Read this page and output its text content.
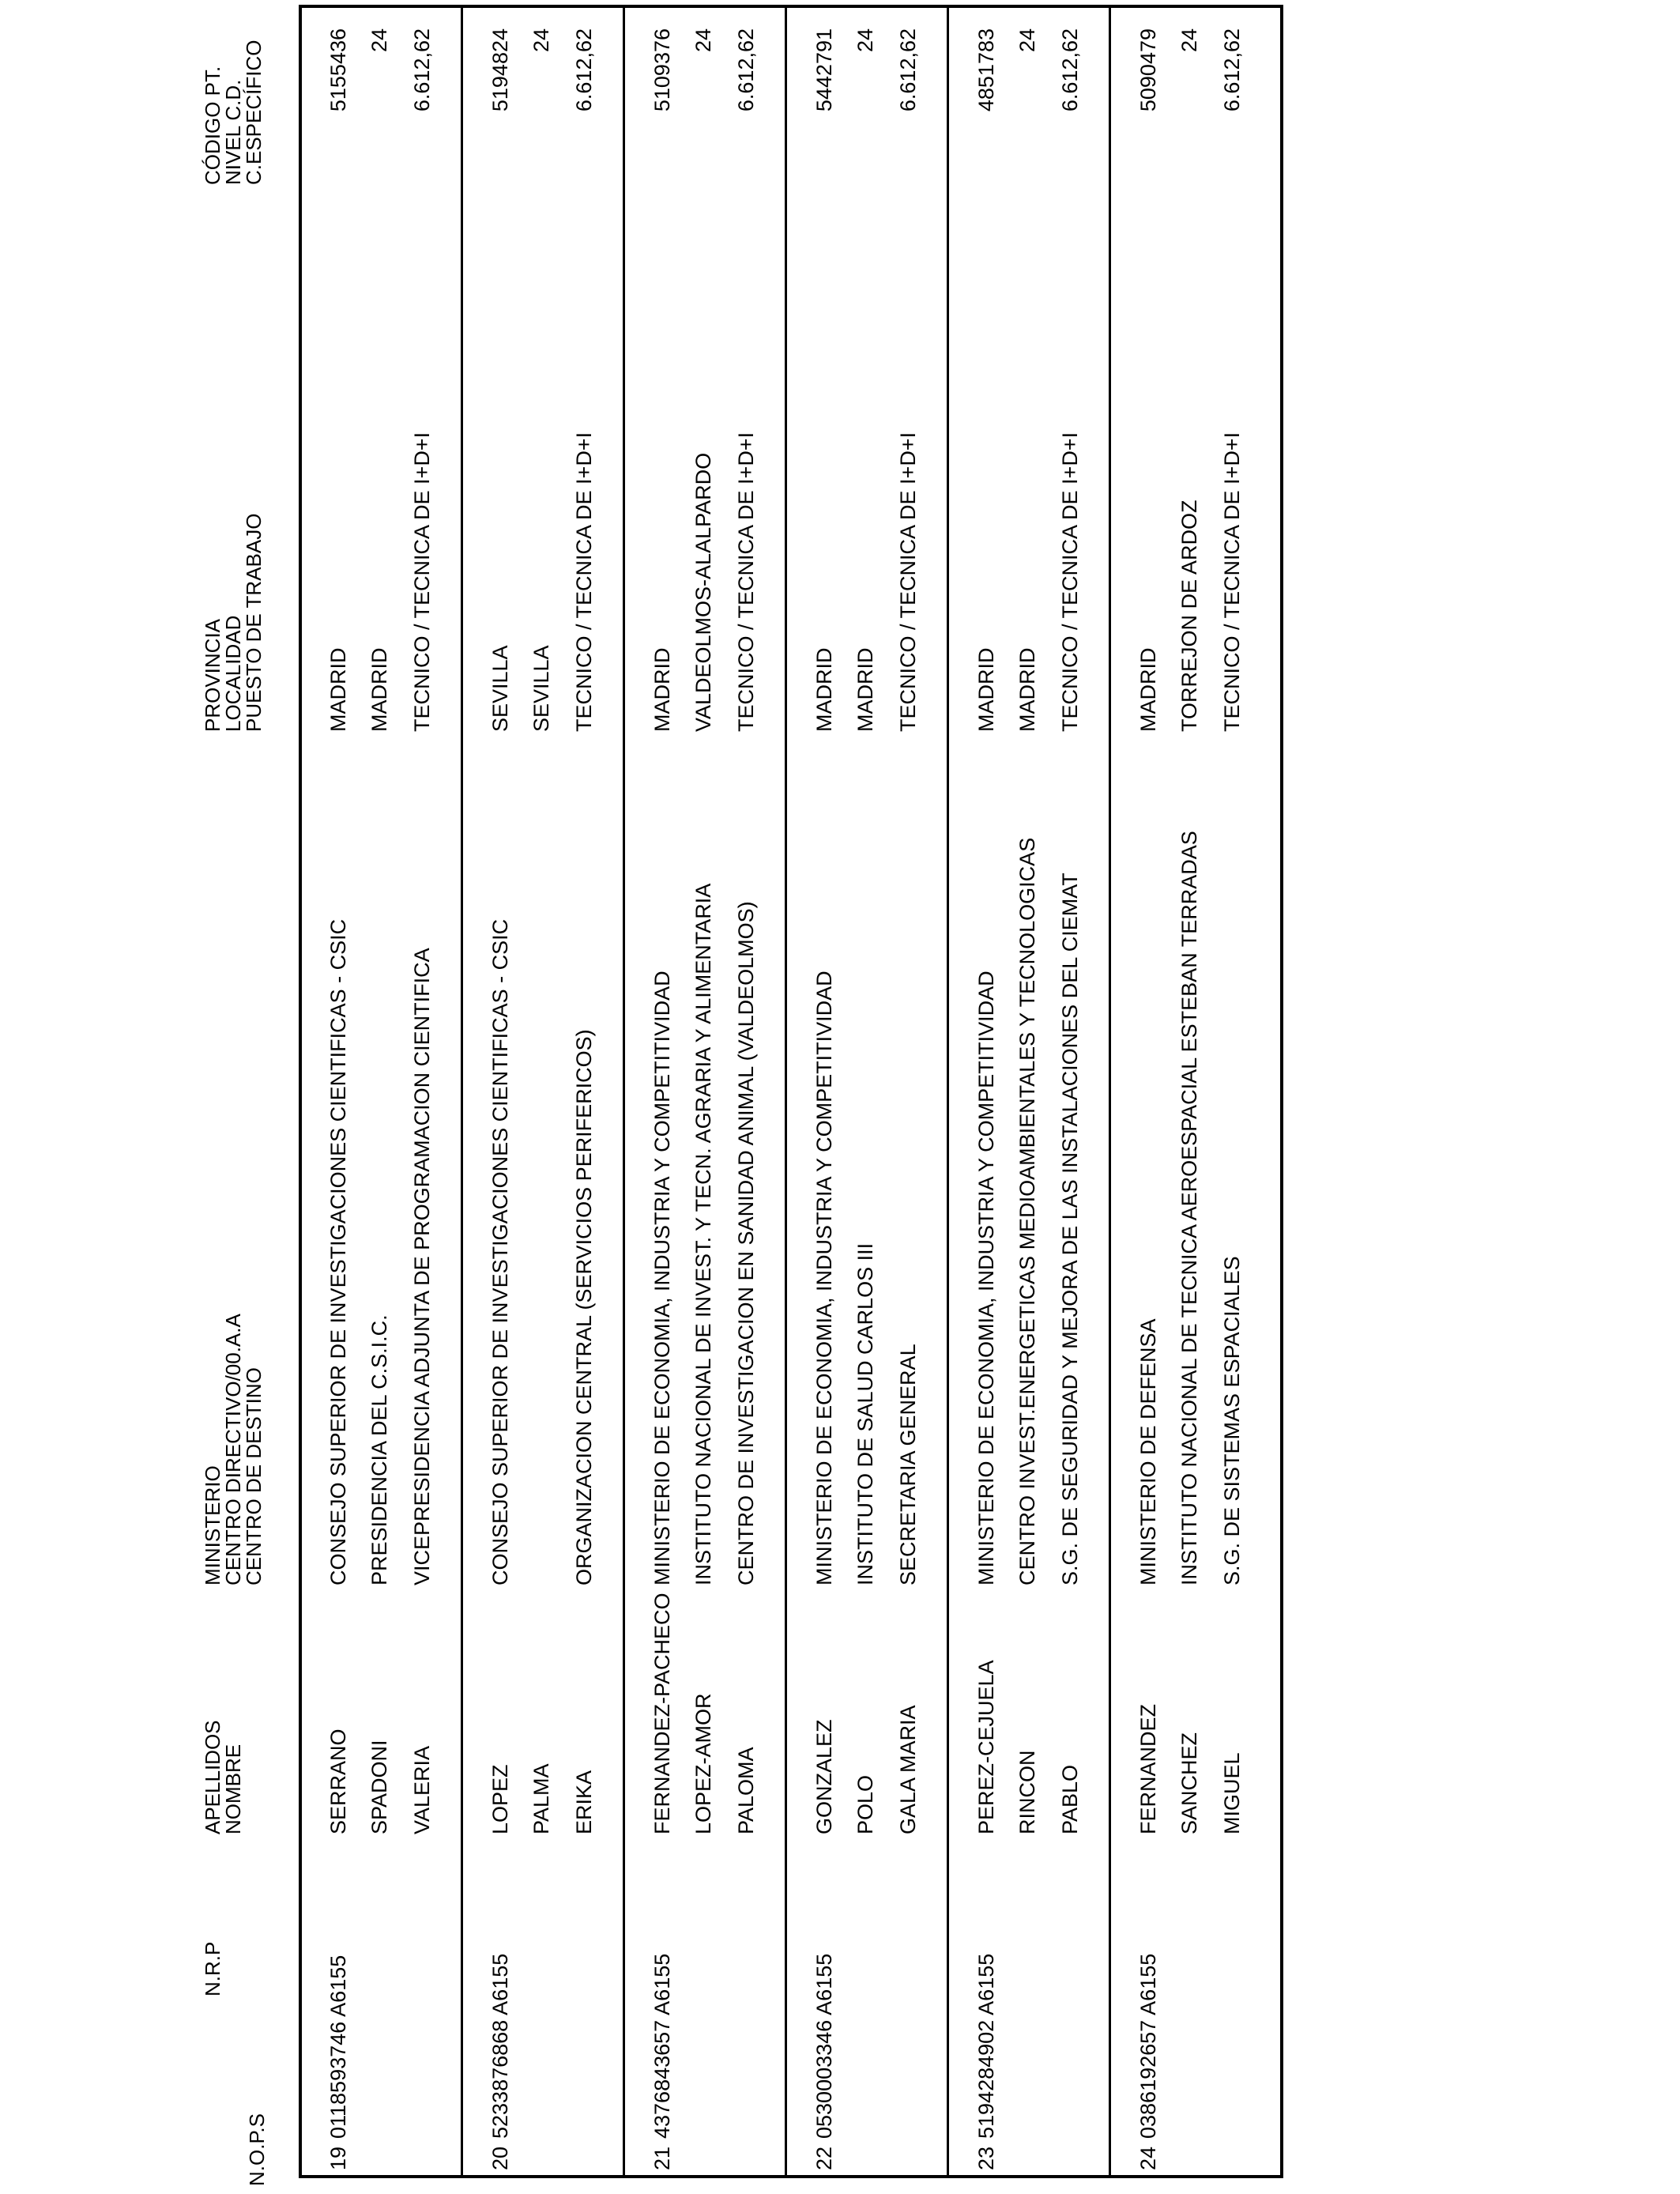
N.O.P.S
N.R.P
APELLIDOS
NOMBRE
MINISTERIO
CENTRO DIRECTIVO/00.A.A
CENTRO DE DESTINO
PROVINCIA
LOCALIDAD
PUESTO DE TRABAJO
CÓDIGO PT.
NIVEL C.D.
C.ESPECÍFICO
19
0118593746 A6155
SERRANO SPADONI VALERIA
CONSEJO SUPERIOR DE INVESTIGACIONES CIENTIFICAS - CSIC PRESIDENCIA DEL C.S.I.C. VICEPRESIDENCIA ADJUNTA DE PROGRAMACION CIENTIFICA
MADRID MADRID TECNICO / TECNICA DE I+D+I
5155436 24 6.612,62
20
5233876868 A6155
LOPEZ PALMA ERIKA
CONSEJO SUPERIOR DE INVESTIGACIONES CIENTIFICAS - CSIC	ORGANIZACION CENTRAL (SERVICIOS PERIFERICOS)
SEVILLA SEVILLA TECNICO / TECNICA DE I+D+I
5194824 24 6.612,62
21
4376843657 A6155
FERNANDEZ-PACHECO LOPEZ-AMOR PALOMA
MINISTERIO DE ECONOMIA, INDUSTRIA Y COMPETITIVIDAD INSTITUTO NACIONAL DE INVEST. Y TECN. AGRARIA Y ALIMENTARIA CENTRO DE INVESTIGACION EN SANIDAD ANIMAL (VALDEOLMOS)
MADRID VALDEOLMOS-ALALPARDO TECNICO / TECNICA DE I+D+I
5109376 24 6.612,62
22
0530003346 A6155
GONZALEZ POLO GALA MARIA
MINISTERIO DE ECONOMIA, INDUSTRIA Y COMPETITIVIDAD INSTITUTO DE SALUD CARLOS III SECRETARIA GENERAL
MADRID MADRID TECNICO / TECNICA DE I+D+I
5442791 24 6.612,62
23
5194284902 A6155
PEREZ-CEJUELA RINCON PABLO
MINISTERIO DE ECONOMIA, INDUSTRIA Y COMPETITIVIDAD CENTRO INVEST.ENERGETICAS MEDIOAMBIENTALES Y TECNOLOGICAS S.G. DE SEGURIDAD Y MEJORA DE LAS INSTALACIONES DEL CIEMAT
MADRID MADRID TECNICO / TECNICA DE I+D+I
4851783 24 6.612,62
24
0386192657 A6155
FERNANDEZ SANCHEZ MIGUEL
MINISTERIO DE DEFENSA INSTITUTO NACIONAL DE TECNICA AEROESPACIAL ESTEBAN TERRADAS S.G. DE SISTEMAS ESPACIALES
MADRID TORREJON DE ARDOZ TECNICO / TECNICA DE I+D+I
5090479 24 6.612,62
